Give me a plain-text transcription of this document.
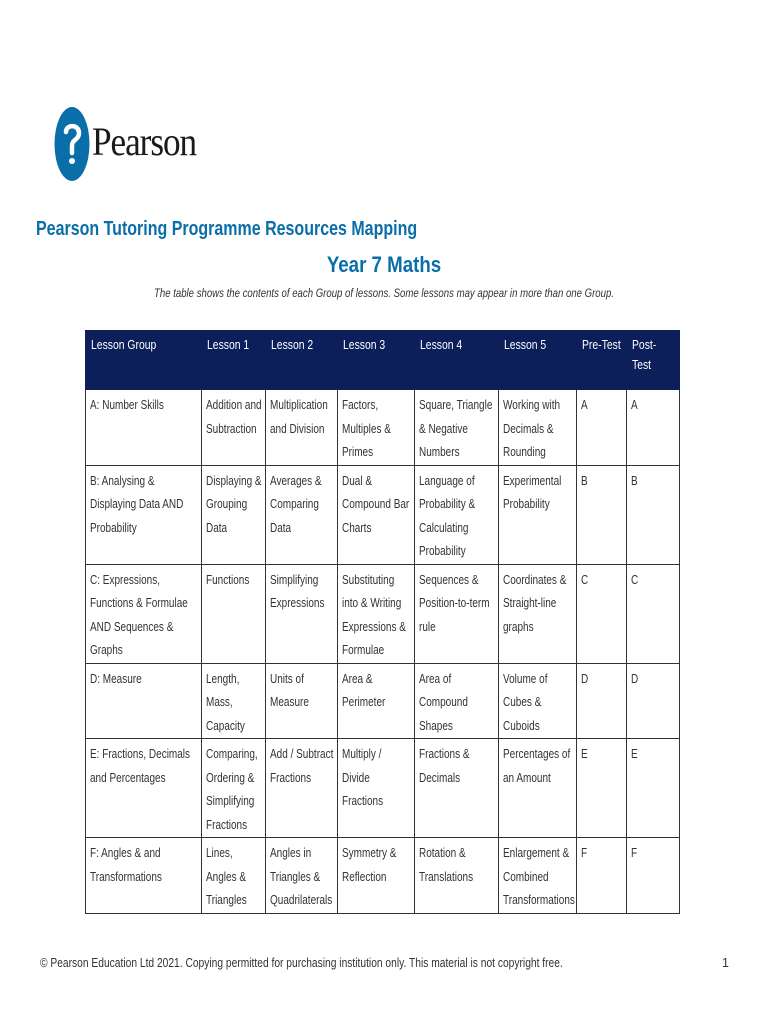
Pearson
Pearson Tutoring Programme Resources Mapping
Year 7 Maths
The table shows the contents of each Group of lessons. Some lessons may appear in more than one Group.
Lesson Group	Lesson 1	Lesson 2	Lesson 3	Lesson 4	Lesson 5	Pre-Test	Post-Test

A: Number Skills	Addition and Subtraction	Multiplication and Division	Factors, Multiples & Primes	Square, Triangle & Negative Numbers	Working with Decimals & Rounding	A	A

B: Analysing & Displaying Data AND Probability	Displaying & Grouping Data	Averages & Comparing Data	Dual & Compound Bar Charts	Language of Probability & Calculating Probability	Experimental Probability	B	B

C: Expressions, Functions & Formulae AND Sequences & Graphs	Functions	Simplifying Expressions	Substituting into & Writing Expressions & Formulae	Sequences & Position-to-term rule	Coordinates & Straight-line graphs	C	C

D: Measure	Length, Mass, Capacity	Units of Measure	Area & Perimeter	Area of Compound Shapes	Volume of Cubes & Cuboids	D	D

E: Fractions, Decimals and Percentages	Comparing, Ordering & Simplifying Fractions	Add / Subtract Fractions	Multiply / Divide Fractions	Fractions & Decimals	Percentages of an Amount	E	E

F: Angles & and Transformations	Lines, Angles & Triangles	Angles in Triangles & Quadrilaterals	Symmetry & Reflection	Rotation & Translations	Enlargement & Combined Transformations	F	F
© Pearson Education Ltd 2021. Copying permitted for purchasing institution only. This material is not copyright free.	1
